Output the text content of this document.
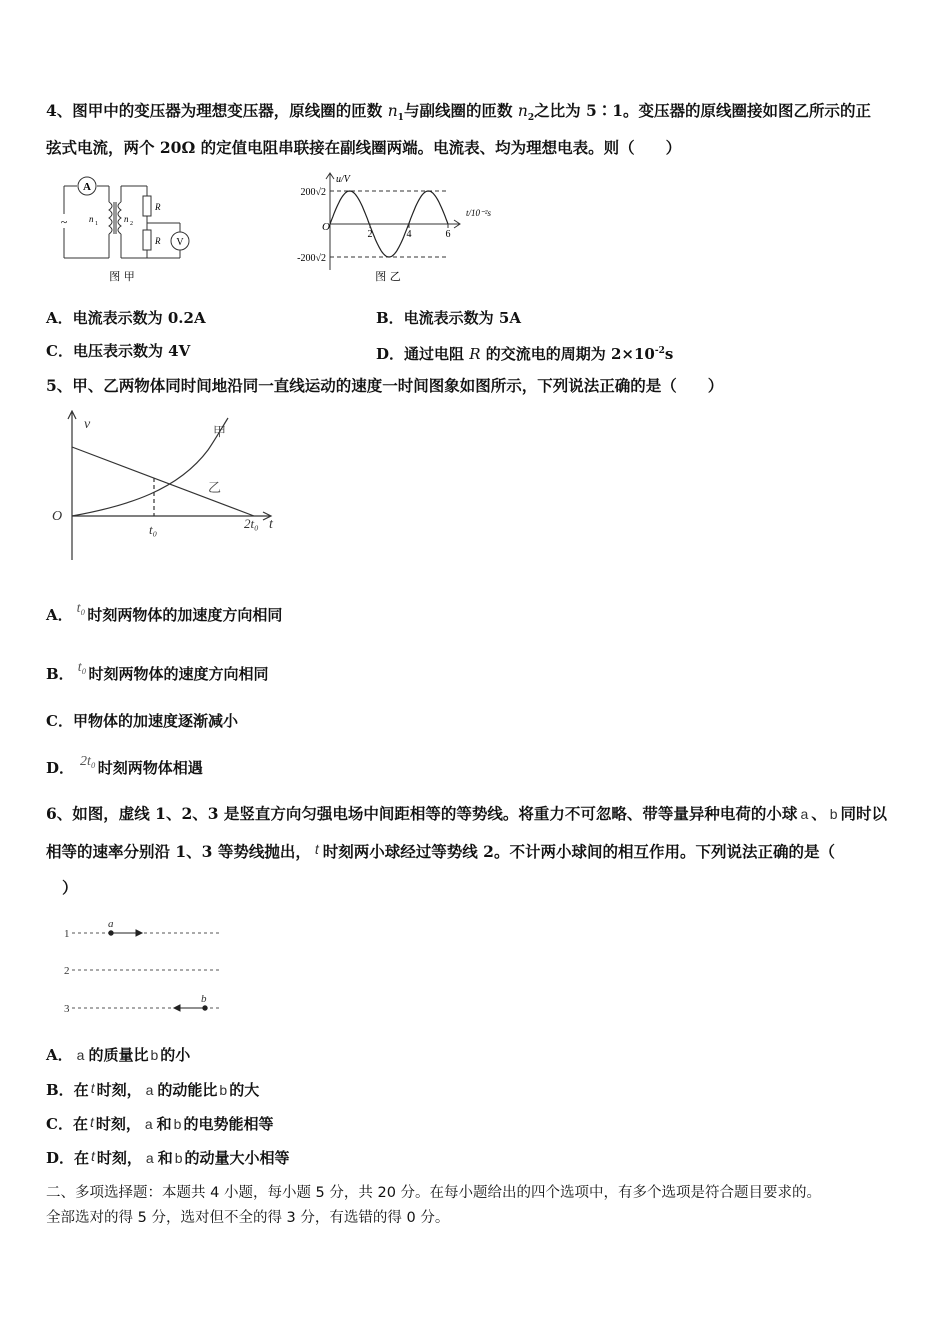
4、图甲中的变压器为理想变压器，原线圈的匝数 $n_1$与副线圈的匝数 $n_2$之比为 5∶1。变压器的原线圈接如图乙所示的正
弦式电流，两个 20Ω 的定值电阻串联接在副线圈两端。电流表、均为理想电表。则（　　）
A
V
~ n 1	n 2
R
R
图 甲
u/V
t/10⁻²s
200√2
-200√2
O
2	4	6
图 乙
A．电流表示数为 0.2A	B．电流表示数为 5A
C．电压表示数为 4V	D．通过电阻 R 的交流电的周期为 $2\times 10^{-2}s$
5、甲、乙两物体同时间地沿同一直线运动的速度一时间图象如图所示，下列说法正确的是（　　）
v
t
O
甲
乙
t₀	2t₀
A． t₀ 时刻两物体的加速度方向相同
B． t₀ 时刻两物体的速度方向相同
C．甲物体的加速度逐渐减小
D． 2t₀ 时刻两物体相遇
6、如图，虚线 1、2、3 是竖直方向匀强电场中间距相等的等势线。将重力不可忽略、带等量异种电荷的小球 a 、 b 同时以
相等的速率分别沿 1、3 等势线抛出， t 时刻两小球经过等势线 2。不计两小球间的相互作用。下列说法正确的是（
）
1
2
3
a
b
A． a 的质量比 b 的小
B．在 t 时刻， a 的动能比 b 的大
C．在 t 时刻， a 和 b 的电势能相等
D．在 t 时刻， a 和 b 的动量大小相等
二、多项选择题：本题共 4 小题，每小题 5 分，共 20 分。在每小题给出的四个选项中，有多个选项是符合题目要求的。
全部选对的得 5 分，选对但不全的得 3 分，有选错的得 0 分。
